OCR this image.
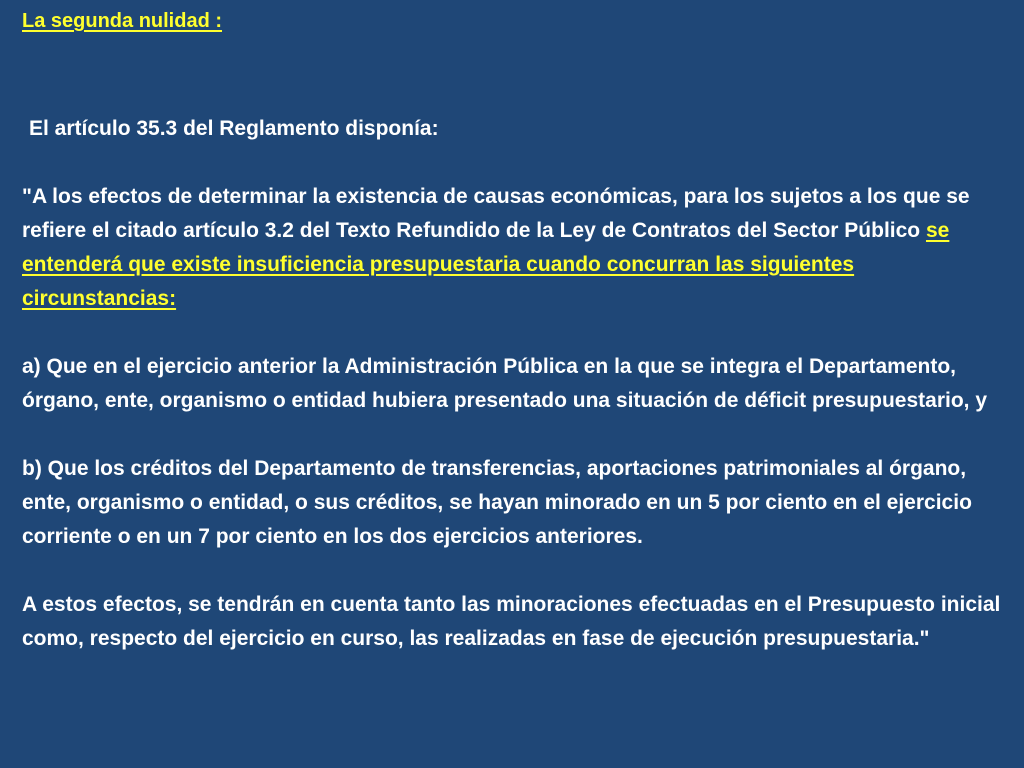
La segunda nulidad :

El artículo 35.3 del Reglamento disponía:

"A los efectos de determinar la existencia de causas económicas, para los sujetos a los que se refiere el citado artículo 3.2 del Texto Refundido de la Ley de Contratos del Sector Público se entenderá que existe insuficiencia presupuestaria cuando concurran las siguientes circunstancias:

a) Que en el ejercicio anterior la Administración Pública en la que se integra el Departamento, órgano, ente, organismo o entidad hubiera presentado una situación de déficit presupuestario, y

b) Que los créditos del Departamento de transferencias, aportaciones patrimoniales al órgano, ente, organismo o entidad, o sus créditos, se hayan minorado en un 5 por ciento en el ejercicio corriente o en un 7 por ciento en los dos ejercicios anteriores.

A estos efectos, se tendrán en cuenta tanto las minoraciones efectuadas en el Presupuesto inicial como, respecto del ejercicio en curso, las realizadas en fase de ejecución presupuestaria."
